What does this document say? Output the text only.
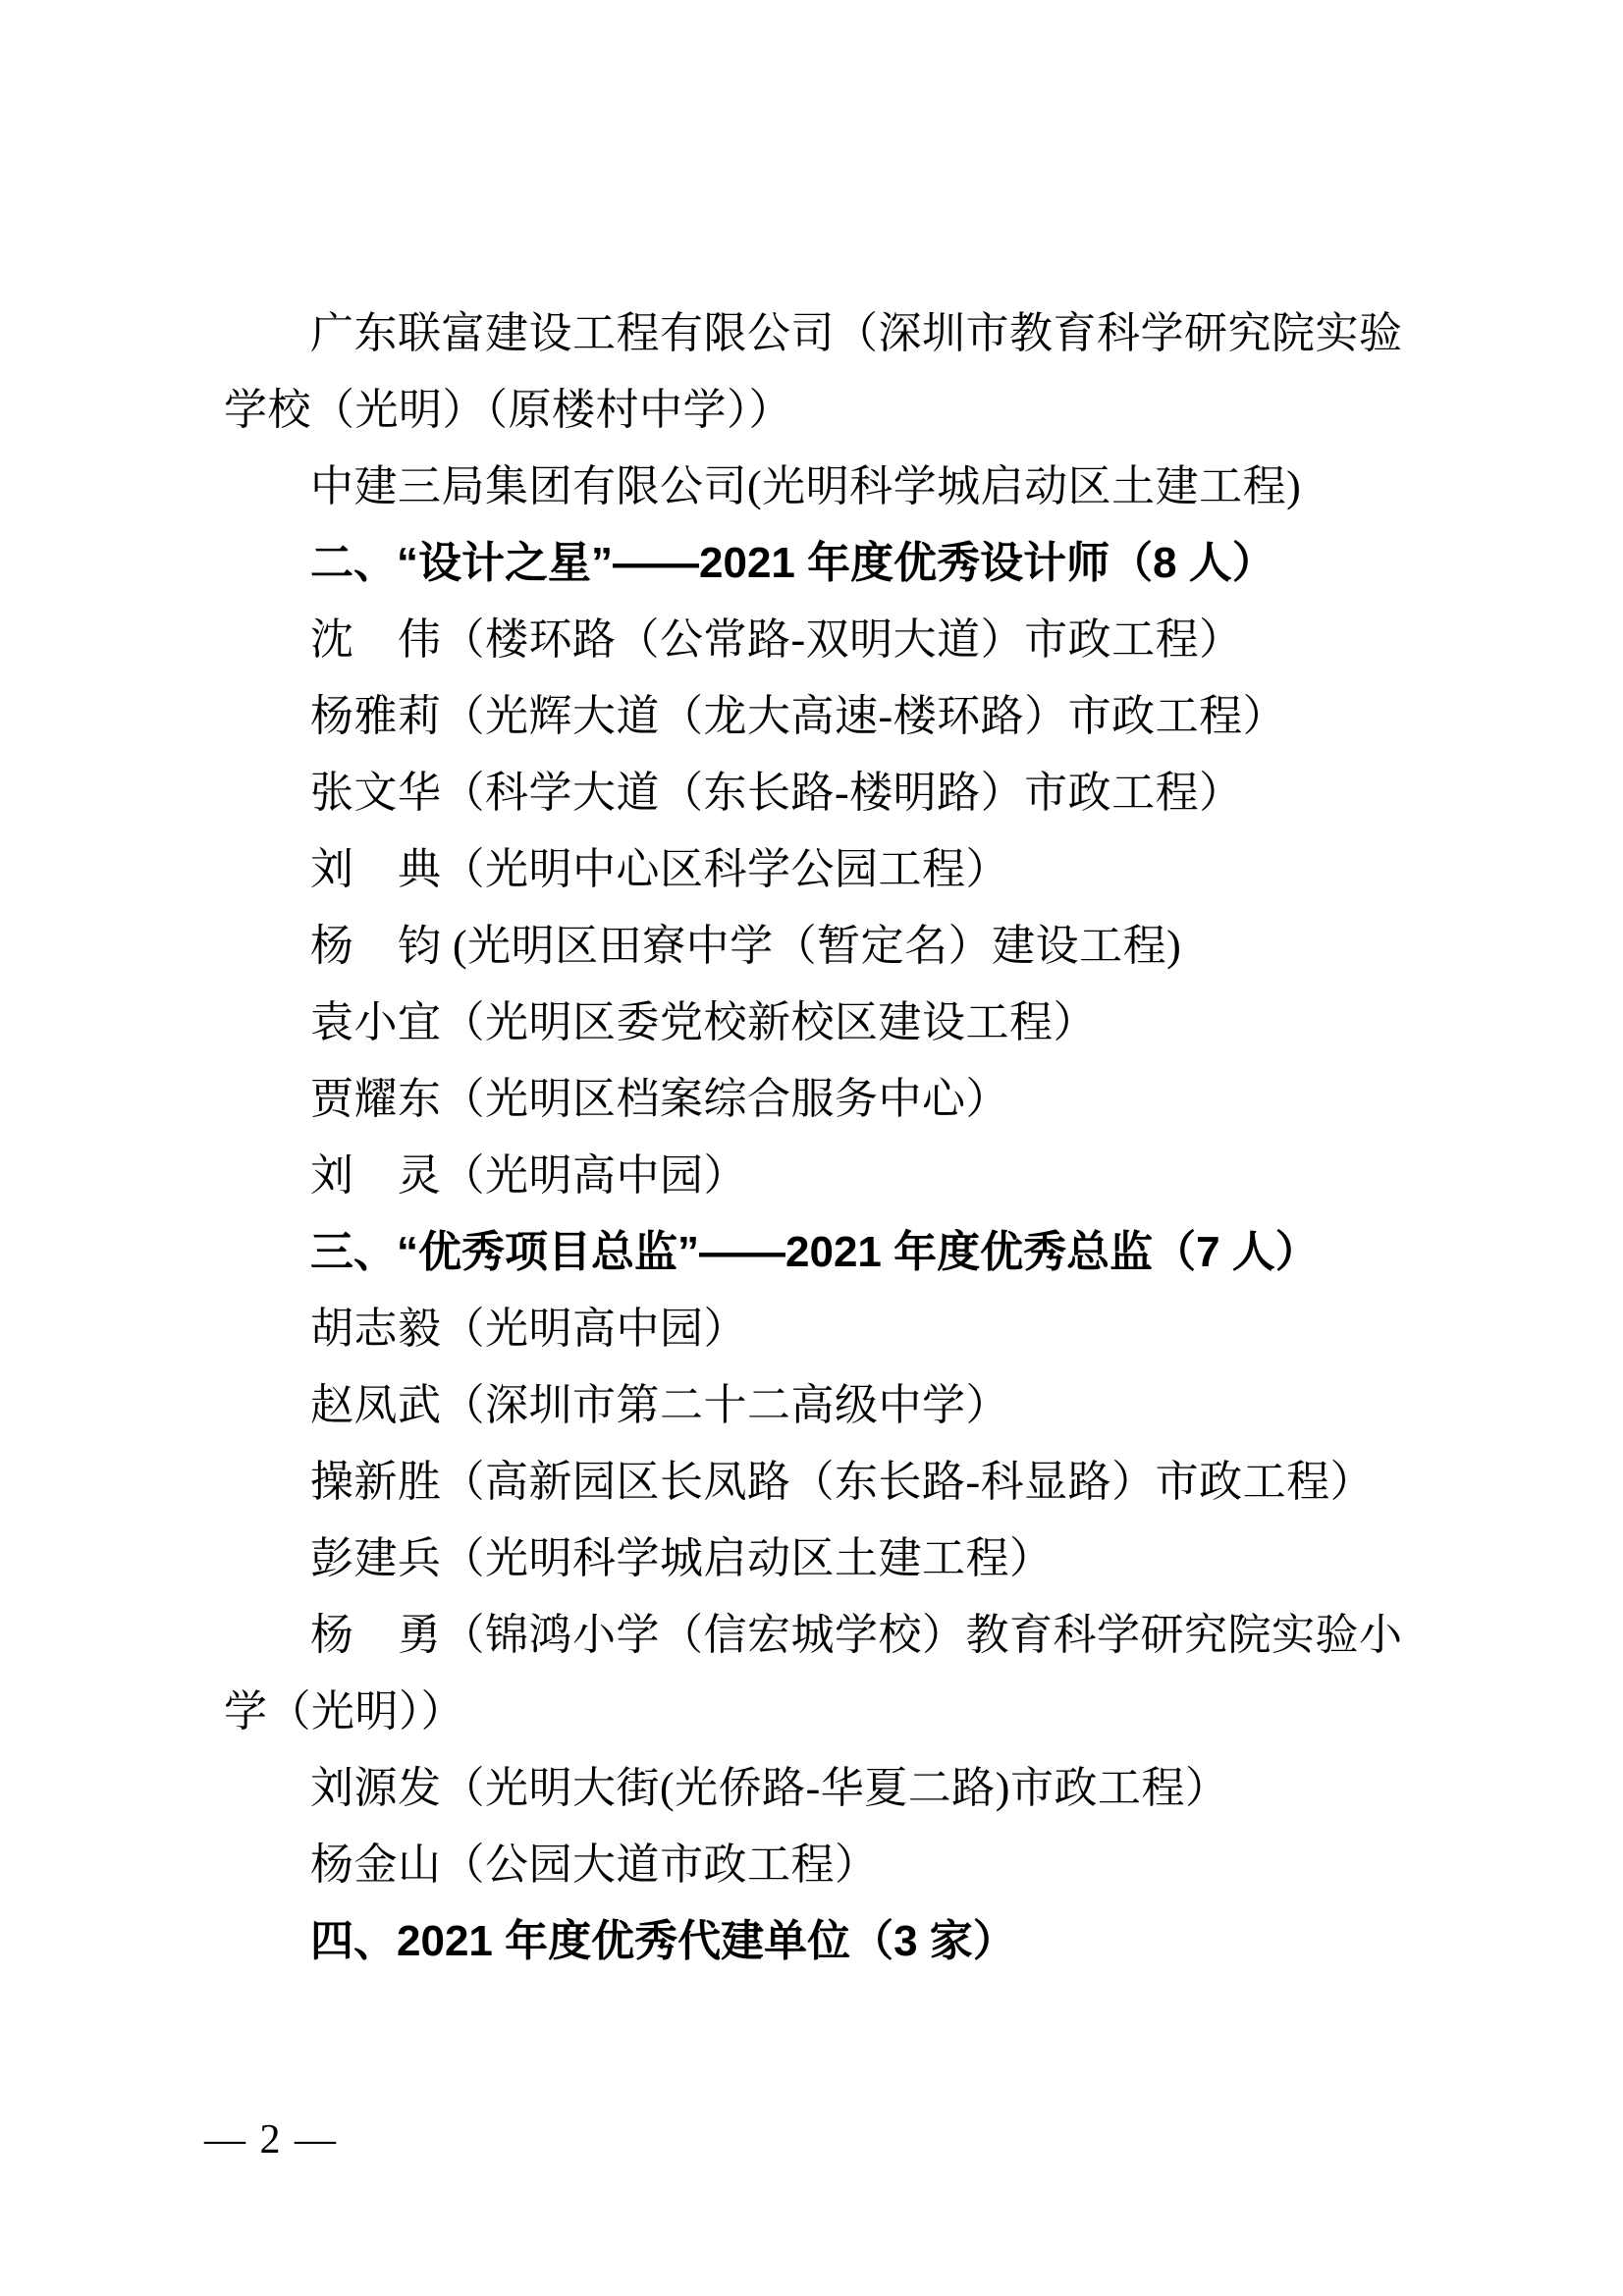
广东联富建设工程有限公司（深圳市教育科学研究院实验
学校（光明）（原楼村中学））
中建三局集团有限公司(光明科学城启动区土建工程)
二、“设计之星”——2021 年度优秀设计师（8 人）
沈　伟（楼环路（公常路-双明大道）市政工程）
杨雅莉（光辉大道（龙大高速-楼环路）市政工程）
张文华（科学大道（东长路-楼明路）市政工程）
刘　典（光明中心区科学公园工程）
杨　钧 (光明区田寮中学（暂定名）建设工程)
袁小宜（光明区委党校新校区建设工程）
贾耀东（光明区档案综合服务中心）
刘　灵（光明高中园）
三、“优秀项目总监”——2021 年度优秀总监（7 人）
胡志毅（光明高中园）
赵凤武（深圳市第二十二高级中学）
操新胜（高新园区长凤路（东长路-科显路）市政工程）
彭建兵（光明科学城启动区土建工程）
杨　勇（锦鸿小学（信宏城学校）教育科学研究院实验小
学（光明））
刘源发（光明大街(光侨路-华夏二路)市政工程）
杨金山（公园大道市政工程）
四、2021 年度优秀代建单位（3 家）
— 2 —
